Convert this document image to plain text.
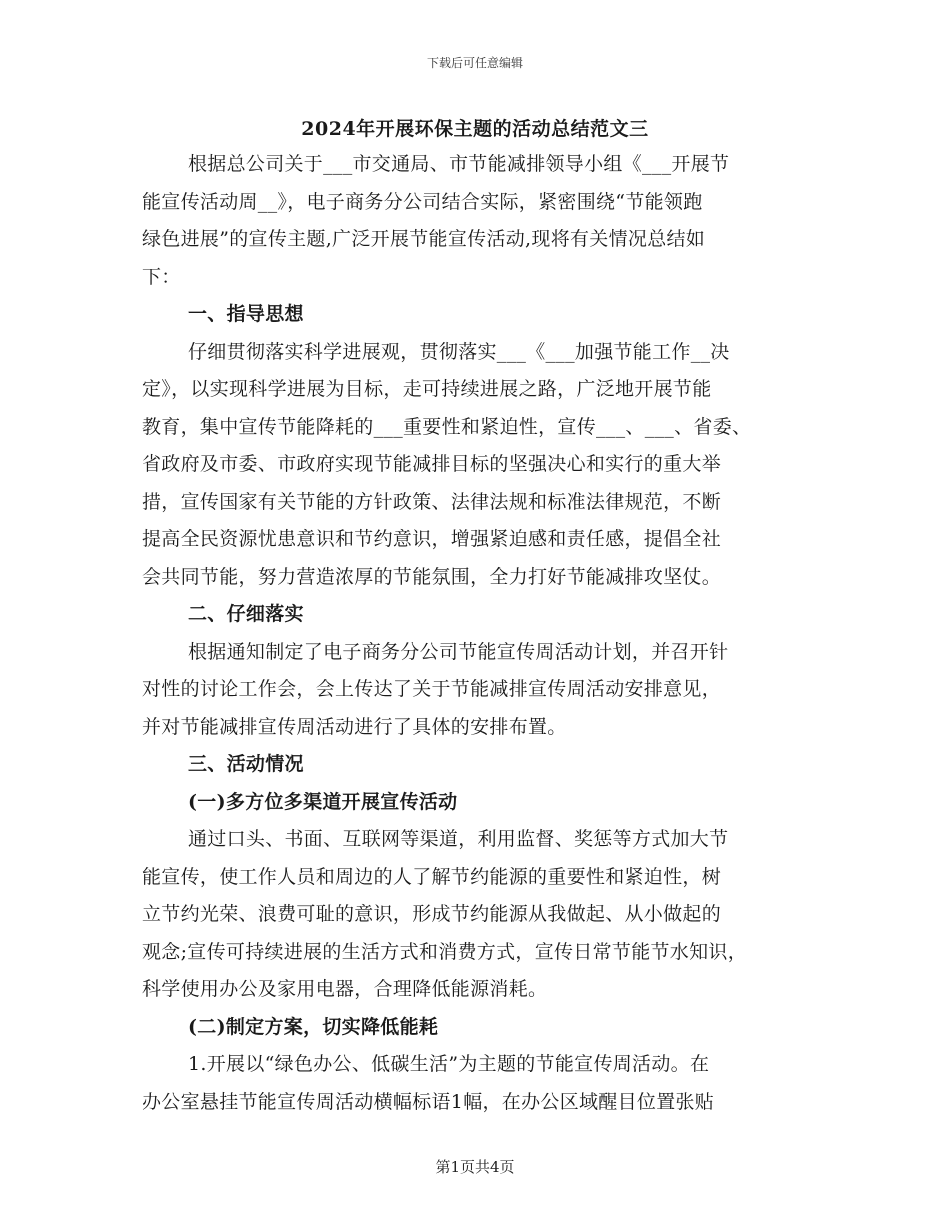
下载后可任意编辑
2024年开展环保主题的活动总结范文三
根据总公司关于___市交通局、市节能减排领导小组《___开展节
能宣传活动周__》，电子商务分公司结合实际，紧密围绕“节能领跑
绿色进展”的宣传主题,广泛开展节能宣传活动,现将有关情况总结如
下：
一、指导思想
仔细贯彻落实科学进展观，贯彻落实___《___加强节能工作__决
定》，以实现科学进展为目标，走可持续进展之路，广泛地开展节能
教育，集中宣传节能降耗的___重要性和紧迫性，宣传___、___、省委、
省政府及市委、市政府实现节能减排目标的坚强决心和实行的重大举
措，宣传国家有关节能的方针政策、法律法规和标准法律规范，不断
提高全民资源忧患意识和节约意识，增强紧迫感和责任感，提倡全社
会共同节能，努力营造浓厚的节能氛围，全力打好节能减排攻坚仗。
二、仔细落实
根据通知制定了电子商务分公司节能宣传周活动计划，并召开针
对性的讨论工作会，会上传达了关于节能减排宣传周活动安排意见，
并对节能减排宣传周活动进行了具体的安排布置。
三、活动情况
(一)多方位多渠道开展宣传活动
通过口头、书面、互联网等渠道，利用监督、奖惩等方式加大节
能宣传，使工作人员和周边的人了解节约能源的重要性和紧迫性，树
立节约光荣、浪费可耻的意识，形成节约能源从我做起、从小做起的
观念;宣传可持续进展的生活方式和消费方式，宣传日常节能节水知识，
科学使用办公及家用电器，合理降低能源消耗。
(二)制定方案，切实降低能耗
1.开展以“绿色办公、低碳生活”为主题的节能宣传周活动。在
办公室悬挂节能宣传周活动横幅标语1幅，在办公区域醒目位置张贴
第1页共4页
